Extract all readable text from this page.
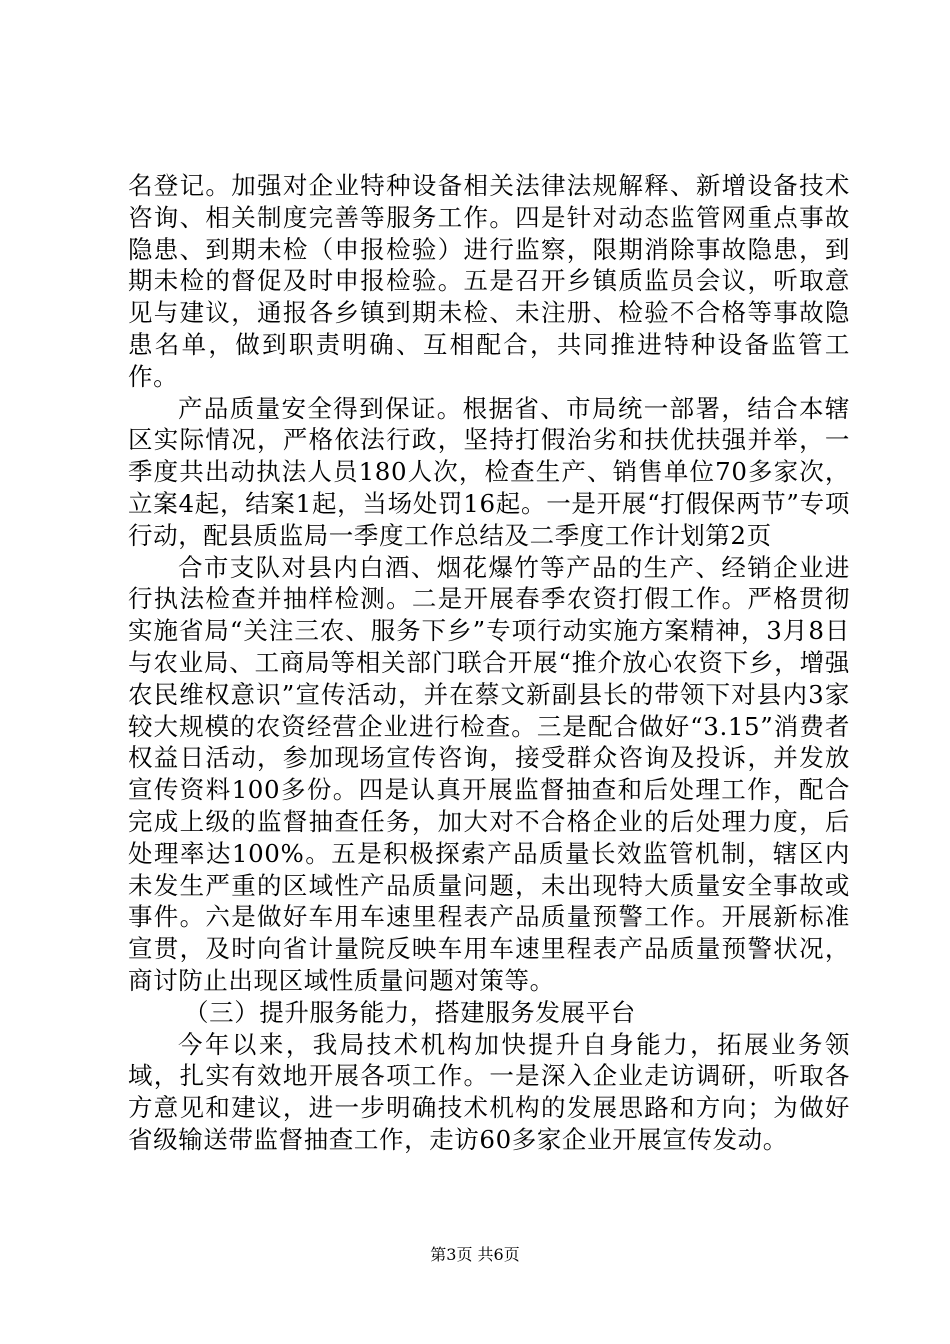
名登记。加强对企业特种设备相关法律法规解释、新增设备技术咨询、相关制度完善等服务工作。四是针对动态监管网重点事故隐患、到期未检（申报检验）进行监察，限期消除事故隐患，到期未检的督促及时申报检验。五是召开乡镇质监员会议，听取意见与建议，通报各乡镇到期未检、未注册、检验不合格等事故隐患名单，做到职责明确、互相配合，共同推进特种设备监管工作。

产品质量安全得到保证。根据省、市局统一部署，结合本辖区实际情况，严格依法行政，坚持打假治劣和扶优扶强并举，一季度共出动执法人员180人次，检查生产、销售单位70多家次，立案4起，结案1起，当场处罚16起。一是开展“打假保两节”专项行动，配县质监局一季度工作总结及二季度工作计划第2页

合市支队对县内白酒、烟花爆竹等产品的生产、经销企业进行执法检查并抽样检测。二是开展春季农资打假工作。严格贯彻实施省局“关注三农、服务下乡”专项行动实施方案精神，3月8日与农业局、工商局等相关部门联合开展“推介放心农资下乡，增强农民维权意识”宣传活动，并在蔡文新副县长的带领下对县内3家较大规模的农资经营企业进行检查。三是配合做好“3.15”消费者权益日活动，参加现场宣传咨询，接受群众咨询及投诉，并发放宣传资料100多份。四是认真开展监督抽查和后处理工作，配合完成上级的监督抽查任务，加大对不合格企业的后处理力度，后处理率达100%。五是积极探索产品质量长效监管机制，辖区内未发生严重的区域性产品质量问题，未出现特大质量安全事故或事件。六是做好车用车速里程表产品质量预警工作。开展新标准宣贯，及时向省计量院反映车用车速里程表产品质量预警状况，商讨防止出现区域性质量问题对策等。

（三）提升服务能力，搭建服务发展平台

今年以来，我局技术机构加快提升自身能力，拓展业务领域，扎实有效地开展各项工作。一是深入企业走访调研，听取各方意见和建议，进一步明确技术机构的发展思路和方向；为做好省级输送带监督抽查工作，走访60多家企业开展宣传发动。

第3页 共6页
